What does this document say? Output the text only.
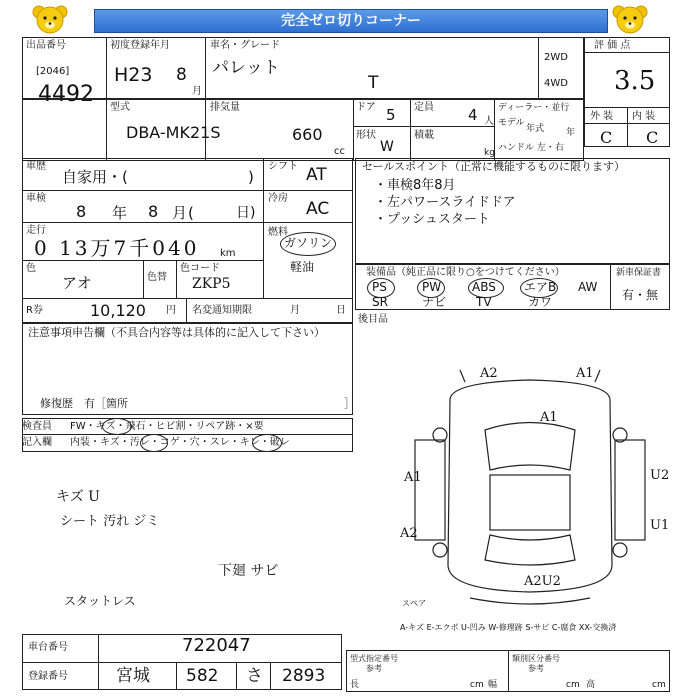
完全ゼロ切りコーナー
出品番号
[2046]
4492
初度登録年月
H23 8
月
車名・グレード
パレット
T
2WD
4WD
評 価 点
3.5
外 装 内 装
C C
型式
DBA-MK21S
排気量
660
cc
ドア 5 定員 4 人
形状
W
積載
kg
ディーラー・並行
モデル
年式 年
ハンドル 左・右
車歴
自家用・(	)
シフト AT
車検
8 年 8 月 (	日)
冷房
AC
走行
0 13万7千040 km
燃料
ガソリン
軽油
色
アオ	色替
色コード
ZKP5
R券	10,120 円 名変通知期限	月	日
セールスポイント（正常に機能するものに限ります）
・車検8年8月
・左パワースライドドア
・プッシュスタート
装備品（純正品に限り○をつけてください）
PS	PW	ABS エアB AW
SR	ナビ TV	カワ
新車保証書
有・無
後目品
注意事項申告欄（不具合内容等は具体的に記入して下さい）
修復歴　有［箇所	］
検査員
記入欄
FW・キズ・飛石・ヒビ割・リペア跡・×要
内装・キズ・汚レ・コゲ・穴・スレ・キレ・破レ
キズ U
シート 汚れ ジミ
下廻 サビ
スタットレス
A2	A1
A1
A1	U2
A2
U1
A2U2
スペア
A-キズ E-エクボ U-凹み W-修理跡 S-サビ C-腐食 XX-交換済
車台番号	722047
登録番号	宮城 582 さ 2893
型式指定番号
参考
類別区分番号
参考
長	cm 幅	cm 高	cm
